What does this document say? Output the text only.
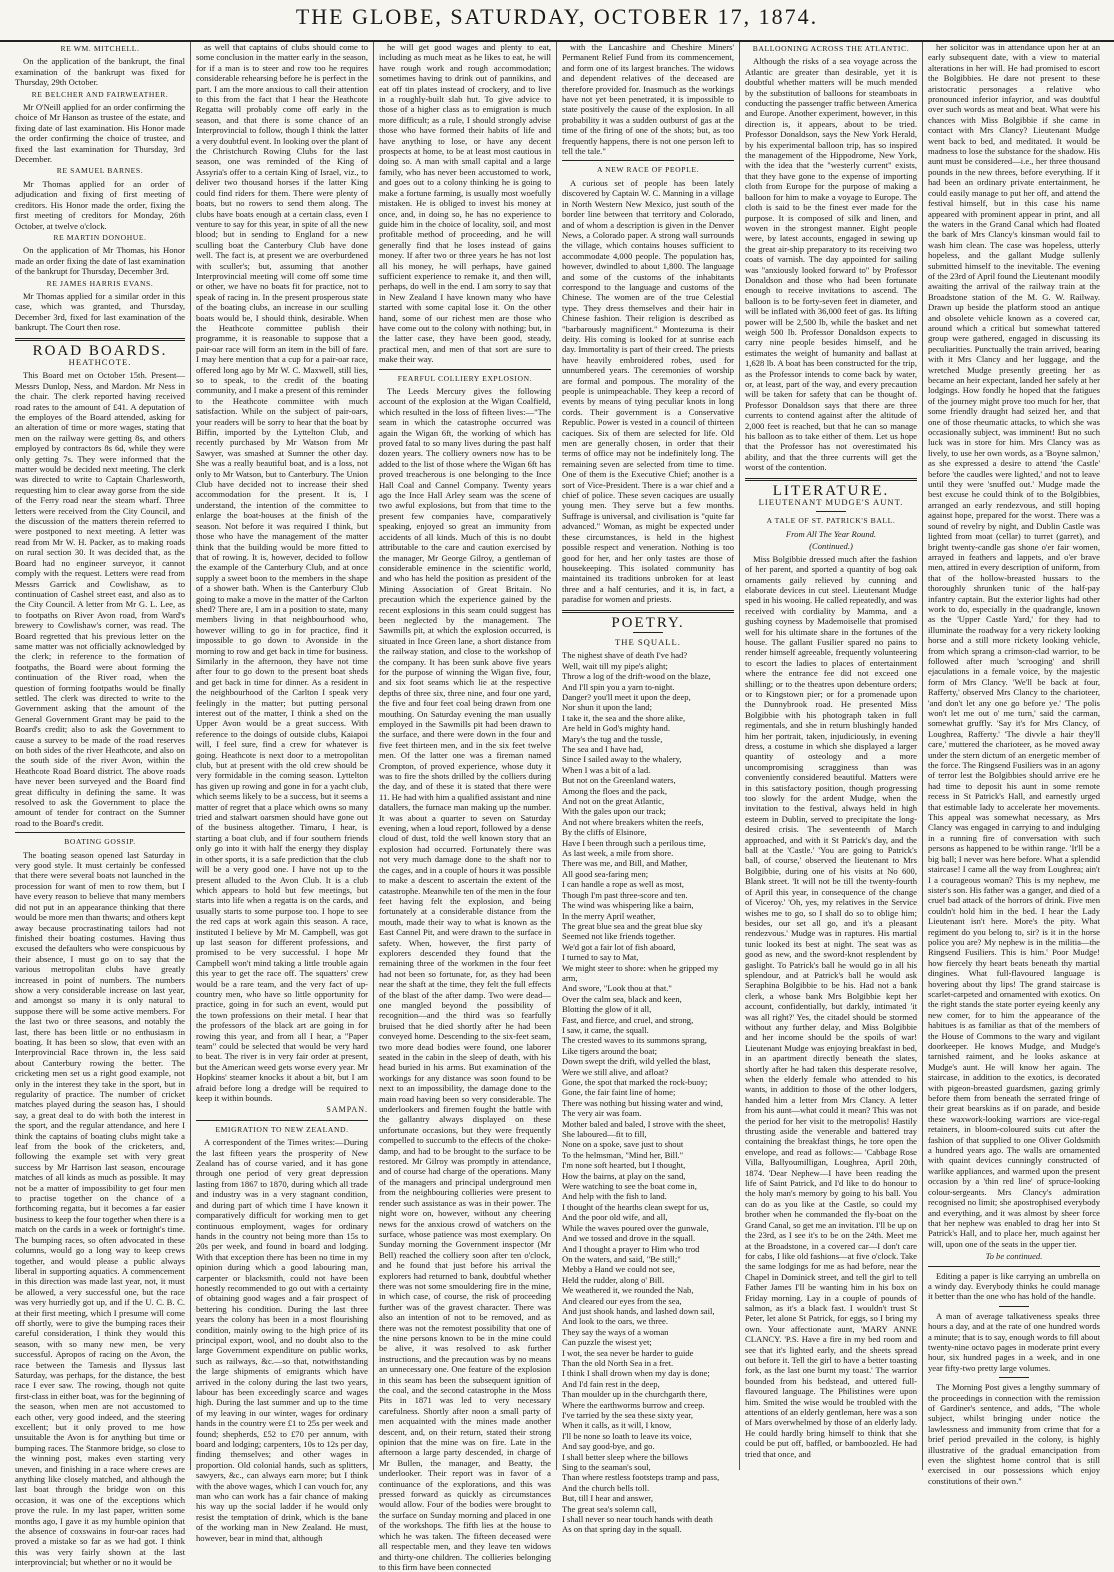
THE GLOBE, SATURDAY, OCTOBER 17, 1874.

RE WM. MITCHELL.

On the application of the bankrupt, the final examination of the bankrupt was fixed for Thursday, 29th October.

RE BELCHER AND FAIRWEATHER.

Mr O'Neill applied for an order confirming the choice of Mr Hanson as trustee of the estate, and fixing date of last examination. His Honor made the order confirming the choice of trustee, and fixed the last examination for Thursday, 3rd December.

RE SAMUEL BARNES.

Mr Thomas applied for an order of adjudication and fixing of first meeting of creditors. His Honor made the order, fixing the first meeting of creditors for Monday, 26th October, at twelve o'clock.

RE MARTIN DONOHUE.

On the application of Mr Thomas, his Honor made an order fixing the date of last examination of the bankrupt for Thursday, December 3rd.

RE JAMES HARRIS EVANS.

Mr Thomas applied for a similar order in this case, which was granted, and Thursday, December 3rd, fixed for last examination of the bankrupt. The Court then rose.

ROAD BOARDS.

HEATHCOTE.

This Board met on October 15th. Present—Messrs Dunlop, Ness, and Mardon. Mr Ness in the chair. The clerk reported having received road rates to the amount of £41. A deputation of the employes of the Board attended, asking for an alteration of time or more wages, stating that men on the railway were getting 8s, and others employed by contractors 8s 6d, while they were only getting 7s. They were informed that the matter would be decided next meeting. The clerk was directed to write to Captain Charlesworth, requesting him to clear away gorse from the side of the Ferry road near the steam wharf. Three letters were received from the City Council, and the discussion of the matters therein referred to were postponed to next meeting. A letter was read from Mr W. H. Packer, as to making roads on rural section 30. It was decided that, as the Board had no engineer surveyor, it cannot comply with the request. Letters were read from Messrs Garrick and Cowlishaw, as to continuation of Cashel street east, and also as to the City Council. A letter from Mr G. L. Lee, as to footpaths on River Avon road, from Ward's brewery to Cowlishaw's corner, was read. The Board regretted that his previous letter on the same matter was not officially acknowledged by the clerk; in reference to the formation of footpaths, the Board were about forming the continuation of the River road, when the question of forming footpaths would be finally settled. The clerk was directed to write to the Government asking that the amount of the General Government Grant may be paid to the Board's credit; also to ask the Government to cause a survey to be made of the road reserves on both sides of the river Heathcote, and also on the south side of the river Avon, within the Heathcote Road Board district. The above roads have never been surveyed and the Board find great difficulty in defining the same. It was resolved to ask the Government to place the amount of tender for contract on the Sumner road to the Board's credit.

BOATING GOSSIP.

The boating season opened last Saturday in very good style. It must certainly be confessed that there were several boats not launched in the procession for want of men to row them, but I have every reason to believe that many members did not put in an appearance thinking that there would be more men than thwarts; and others kept away because procrastinating tailors had not finished their boating costumes. Having thus excused the defaulters who were conspicuous by their absence, I must go on to say that the various metropolitan clubs have greatly increased in point of numbers. The numbers show a very considerable increase on last year, and amongst so many it is only natural to suppose there will be some active members. For the last two or three seasons, and notably the last, there has been little or no enthusiasm in boating. It has been so slow, that even with an Interprovincial Race thrown in, the less said about Canterbury rowing the better. The cricketing men set us a right good example, not only in the interest they take in the sport, but in regularity of practice. The number of cricket matches played during the season has, I should say, a great deal to do with both the interest in the sport, and the regular attendance, and here I think the captains of boating clubs might take a leaf from the book of the cricketers, and, following the example set with very great success by Mr Harrison last season, encourage matches of all kinds as much as possible. It may not be a matter of impossibility to get four men to practise together on the chance of a forthcoming regatta, but it becomes a far easier business to keep the four together when there is a match on the cards in a week or fortnight's time. The bumping races, so often advocated in these columns, would go a long way to keep crews together, and would please a public always liberal in supporting aquatics. A commencement in this direction was made last year, not, it must be allowed, a very successful one, but the race was very hurriedly got up, and if the U. C. B. C. at their first meeting, which I presume will come off shortly, were to give the bumping races their careful consideration, I think they would this season, with so many new men, be very successful. Apropos of racing on the Avon, the race between the Tamesis and Ilyssus last Saturday, was perhaps, for the distance, the best race I ever saw. The rowing, though not quite first-class in either boat, was for the beginning of the season, when men are not accustomed to each other, very good indeed, and the steering excellent; but it only proved to me how unsuitable the Avon is for anything but time or bumping races. The Stanmore bridge, so close to the winning post, makes even starting very uneven, and finishing in a race where crews are anything like closely matched, and although the last boat through the bridge won on this occasion, it was one of the exceptions which prove the rule. In my last paper, written some months ago, I gave it as my humble opinion that the absence of coxswains in four-oar races had proved a mistake so far as we had got. I think this was very fairly shown at the last interprovincial; but whether or no it would be

as well that captains of clubs should come to some conclusion in the matter early in the season, for if a man is to steer and row too he requires considerable rehearsing before he is perfect in the part. I am the more anxious to call their attention to this from the fact that I hear the Heathcote Regatta will probably come off early in the season, and that there is some chance of an Interprovincial to follow, though I think the latter a very doubtful event. In looking over the plant of the Christchurch Rowing Clubs for the last season, one was reminded of the King of Assyria's offer to a certain King of Israel, viz., to deliver two thousand horses if the latter King could find riders for them. There were plenty of boats, but no rowers to send them along. The clubs have boats enough at a certain class, even I venture to say for this year, in spite of all the new blood; but in sending to England for a new sculling boat the Canterbury Club have done well. The fact is, at present we are overburdened with sculler's; but, assuming that another Interprovincial meeting will come off some time or other, we have no boats fit for practice, not to speak of racing in. In the present prosperous state of the boating clubs, an increase in our sculling boats would be, I should think, desirable. When the Heathcote committee publish their programme, it is reasonable to suppose that a pair-oar race will form an item in the bill of fare. I may here mention that a cup for a pair-oar race, offered long ago by Mr W. C. Maxwell, still lies, so to speak, to the credit of the boating community, and I make a present of this reminder to the Heathcote committee with much satisfaction. While on the subject of pair-oars, your readers will be sorry to hear that the boat by Biffin, imported by the Lyttelton Club, and recently purchased by Mr Watson from Mr Sawyer, was smashed at Sumner the other day. She was a really beautiful boat, and is a loss, not only to Mr Watson, but to Canterbury. The Union Club have decided not to increase their shed accommodation for the present. It is, I understand, the intention of the committee to enlarge the boat-houses at the finish of the season. Not before it was required I think, but those who have the management of the matter think that the building would be more fitted to that of rowing. It is, however, decided to follow the example of the Canterbury Club, and at once supply a sweet boon to the members in the shape of a shower bath. When is the Canterbury Club going to make a move in the matter of the Carlton shed? There are, I am in a position to state, many members living in that neighbourhood who, however willing to go in for practice, find it impossible to go down to Avonside in the morning to row and get back in time for business. Similarly in the afternoon, they have not time after four to go down to the present boat sheds and get back in time for dinner. As a resident in the neighbourhood of the Carlton I speak very feelingly in the matter; but putting personal interest out of the matter, I think a shed on the Upper Avon would be a great success. With reference to the doings of outside clubs, Kaiapoi will, I feel sure, find a crew for whatever is going. Heathcote is next door to a metropolitan club, but at present with the old crew should be very formidable in the coming season. Lyttelton has given up rowing and gone in for a yacht club, which seems likely to be a success, but it seems a matter of regret that a place which owns so many tried and stalwart oarsmen should have gone out of the business altogether. Timaru, I hear, is starting a boat club, and if four southern friends only go into it with half the energy they display in other sports, it is a safe prediction that the club will be a very good one. I have not up to the present alluded to the Avon Club. It is a club which appears to hold but few meetings, but starts into life when a regatta is on the cards, and usually starts to some purpose too. I hope to see the red caps at work again this season. A race, instituted I believe by Mr M. Campbell, was got up last season for different professions, and promised to be very successful. I hope Mr Campbell won't mind taking a little trouble again this year to get the race off. The squatters' crew would be a rare team, and the very fact of up-country men, who have so little opportunity for practice, going in for such an event, would put the town professions on their metal. I hear that the professors of the black art are going in for rowing this year, and from all I hear, a "Paper team" could be selected that would be very hard to beat. The river is in very fair order at present, but the American weed gets worse every year. Mr Hopkins' steamer knocks it about a bit, but I am afraid before long a dredge will be required to keep it within bounds.

SAMPAN.

EMIGRATION TO NEW ZEALAND.

A correspondent of the Times writes:—During the last fifteen years the prosperity of New Zealand has of course varied, and it has gone through one period of very great depression lasting from 1867 to 1870, during which all trade and industry was in a very stagnant condition, and during part of which time I have known it comparatively difficult for working men to get continuous employment, wages for ordinary hands in the country not being more than 15s to 20s per week, and found in board and lodging. With that exception there has been no time in my opinion during which a good labouring man, carpenter or blacksmith, could not have been honestly recommended to go out with a certainty of obtaining good wages and a fair prospect of bettering his condition. During the last three years the colony has been in a most flourishing condition, mainly owing to the high price of its principal export, wool, and no doubt also to the large Government expenditure on public works, such as railways, &c.—so that, notwithstanding the large shipments of emigrants which have arrived in the colony during the last two years, labour has been exceedingly scarce and wages high. During the last summer and up to the time of my leaving in our winter, wages for ordinary hands in the country were £1 to 25s per week and found; shepherds, £52 to £70 per annum, with board and lodging; carpenters, 10s to 12s per day, finding themselves; and other wages in proportion. Old colonial hands, such as splitters, sawyers, &c., can always earn more; but I think with the above wages, which I can vouch for, any man who can work has a fair chance of making his way up the social ladder if he would only resist the temptation of drink, which is the bane of the working man in New Zealand. He must, however, bear in mind that, although

he will get good wages and plenty to eat, including as much meat as he likes to eat, he will have rough work and rough accommodation; sometimes having to drink out of pannikins, and eat off tin plates instead of crockery, and to live in a roughly-built slab hut. To give advice to those of a higher class as to emigration is much more difficult; as a rule, I should strongly advise those who have formed their habits of life and have anything to lose, or have any decent prospects at home, to be at least most cautious in doing so. A man with small capital and a large family, who has never been accustomed to work, and goes out to a colony thinking he is going to make a fortune farming, is usually most woefully mistaken. He is obliged to invest his money at once, and, in doing so, he has no experience to guide him in the choice of locality, soil, and most profitable method of proceeding, and he will generally find that he loses instead of gains money. If after two or three years he has not lost all his money, he will perhaps, have gained sufficient experience to remake it, and then will, perhaps, do well in the end. I am sorry to say that in New Zealand I have known many who have started with some capital lose it. On the other hand, some of our richest men are those who have come out to the colony with nothing; but, in the latter case, they have been good, steady, practical men, and men of that sort are sure to make their way.

FEARFUL COLLIERY EXPLOSION.

The Leeds Mercury gives the following account of the explosion at the Wigan Coalfield, which resulted in the loss of fifteen lives:—"The seam in which the catastrophe occurred was again the Wigan 6ft, the working of which has proved fatal to so many lives during the past half dozen years. The colliery owners now has to be added to the list of those where the Wigan 6ft has proved treacherous is one belonging to the Ince Hall Coal and Cannel Company. Twenty years ago the Ince Hall Arley seam was the scene of two awful explosions, but from that time to the present few companies have, comparatively speaking, enjoyed so great an immunity from accidents of all kinds. Much of this is no doubt attributable to the care and caution exercised by the manager, Mr George Gilroy, a gentleman of considerable eminence in the scientific world, and who has held the position as president of the Mining Association of Great Britain. No precaution which the experience gained by the recent explosions in this seam could suggest has been neglected by the management. The Sawmills pit, at which the explosion occurred, is situated in Ince Green lane, a short distance from the railway station, and close to the workshop of the company. It has been sunk above five years for the purpose of winning the Wigan five, four, and six foot seams which lie at the respective depths of three six, three nine, and four one yard, the five and four feet coal being drawn from one mouthing. On Saturday evening the man usually employed in the Sawmills pit had been drawn to the surface, and there were down in the four and five feet thirteen men, and in the six feet twelve men. Of the latter one was a fireman named Crompton, of proved experience, whose duty it was to fire the shots drilled by the colliers during the day, and of these it is stated that there were 11. He had with him a qualified assistant and nine datallers, the furnace man making up the number. It was about a quarter to seven on Saturday evening, when a loud report, followed by a dense cloud of dust, told the well known story that an explosion had occurred. Fortunately there was not very much damage done to the shaft nor to the cages, and in a couple of hours it was possible to make a descent to ascertain the extent of the catastrophe. Meanwhile ten of the men in the four feet having felt the explosion, and being fortunately at a considerable distance from the mouth, made their way to what is known as the East Cannel Pit, and were drawn to the surface in safety. When, however, the first party of explorers descended they found that the remaining three of the workmen in the four feet had not been so fortunate, for, as they had been near the shaft at the time, they felt the full effects of the blast of the after damp. Two were dead—one mangled beyond the possibility of recognition—and the third was so fearfully bruised that he died shortly after he had been conveyed home. Descending to the six-feet seam, two more dead bodies were found, one laborer seated in the cabin in the sleep of death, with his head buried in his arms. But examination of the workings for any distance was soon found to be next to an impossibility, the damage done to the main road having been so very considerable. The underlookers and firemen fought the battle with the gallantry always displayed on these unfortunate occasions, but they were frequently compelled to succumb to the effects of the choke-damp, and had to be brought to the surface to be restored. Mr Gilroy was promptly in attendance, and of course had charge of the operations. Many of the managers and principal underground men from the neighbouring collieries were present to render such assistance as was in their power. The night wore on, however, without any cheering news for the anxious crowd of watchers on the surface, whose patience was most exemplary. On Sunday morning the Government inspector (Mr Bell) reached the colliery soon after ten o'clock, and he found that just before his arrival the explorers had returned to bank, doubtful whether there was not some smouldering fire in the mine, in which case, of course, the risk of proceeding further was of the gravest character. There was also an intention of not to be removed, and as there was not the remotest possibility that one of the nine persons known to be in the mine could be alive, it was resolved to ask further instructions, and the precaution was by no means an unnecessary one. One feature of the explosion in this seam has been the subsequent ignition of the coal, and the second catastrophe in the Moss Pits in 1871 was led to very necessary carefulness. Shortly after noon a small party of men acquainted with the mines made another descent, and, on their return, stated their strong opinion that the mine was on fire. Late in the afternoon a large party descended, in charge of Mr Bullen, the manager, and Beatty, the underlooker. Their report was in favor of a continuance of the explorations, and this was pressed forward as quickly as circumstances would allow. Four of the bodies were brought to the surface on Sunday morning and placed in one of the workshops. The fifth lies at the house to which he was taken. The fifteen deceased were all respectable men, and they leave ten widows and thirty-one children. The collieries belonging to this firm have been connected

with the Lancashire and Cheshire Miners' Permanent Relief Fund from its commencement, and form one of its largest branches. The widows and dependent relatives of the deceased are therefore provided for. Inasmuch as the workings have not yet been penetrated, it is impossible to state positively the cause of the explosion. In all probability it was a sudden outburst of gas at the time of the firing of one of the shots; but, as too frequently happens, there is not one person left to tell the tale."

A NEW RACE OF PEOPLE.

A curious set of people has been lately discovered by Captain W. C. Manning in a village in North Western New Mexico, just south of the border line between that territory and Colorado, and of whom a description is given in the Denver News, a Colorado paper. A strong wall surrounds the village, which contains houses sufficient to accommodate 4,000 people. The population has, however, dwindled to about 1,800. The language and some of the customs of the inhabitants correspond to the language and customs of the Chinese. The women are of the true Celestial type. They dress themselves and their hair in Chinese fashion. Their religion is described as "barbarously magnificent." Montezuma is their deity. His coming is looked for at sunrise each day. Immortality is part of their creed. The priests have heavily embroidered robes, used for unnumbered years. The ceremonies of worship are formal and pompous. The morality of the people is unimpeachable. They keep a record of events by means of tying peculiar knots in long cords. Their government is a Conservative Republic. Power is vested in a council of thirteen caciques. Six of them are selected for life. Old men are generally chosen, in order that their terms of office may not be indefinitely long. The remaining seven are selected from time to time. One of them is the Executive Chief; another is a sort of Vice-President. There is a war chief and a chief of police. These seven caciques are usually young men. They serve but a few months. Suffrage is universal, and civilisation is "quite far advanced." Woman, as might be expected under these circumstances, is held in the highest possible respect and veneration. Nothing is too good for her, and her only tastes are those of housekeeping. This isolated community has maintained its traditions unbroken for at least three and a half centuries, and it is, in fact, a paradise for women and priests.

POETRY.

THE SQUALL.

The nighest shave of death I've had?

Well, wait till my pipe's alight;

Throw a log of the drift-wood on the blaze,

And I'll spin you a yarn to-night.

Danger? you'll meet it upon the deep,

Nor shun it upon the land;

I take it, the sea and the shore alike,

Are held in God's mighty hand.

Mary's the tug and the tussle,

The sea and I have had,

Since I sailed away to the whalery,

When I was a bit of a lad.

But not on the Greenland waters,

Among the floes and the pack,

And not on the great Atlantic,

With the gales upon our track;

And not where breakers whiten the reefs,

By the cliffs of Elsinore,

Have I been through such a perilous time,

As last week, a mile from shore.

There was me, and Bill, and Mather,

All good sea-faring men;

I can handle a rope as well as most,

Though I'm past three-score and ten.

The wind was whispering like a bairn,

In the merry April weather,

The great blue sea and the great blue sky

Seemed not like friends together.

We'd got a fair lot of fish aboard,

I turned to say to Mat,

We might steer to shore: when he gripped my arm,

And swore, "Look thou at that."

Over the calm sea, black and keen,

Blotting the glow of it all,

Fast, and fierce, and cruel, and strong,

I saw, it came, the squall.

The crested waves to its summons sprang,

Like tigers around the boat;

Down swept the drift, wild yelled the blast,

Were we still alive, and afloat?

Gone, the spot that marked the rock-buoy;

Gone, the fair faint line of home;

There was nothing but hissing water and wind,

The very air was foam.

Mother baled and baled, I strove with the sheet,

She laboured—fit to fill,

None on a spoke, save just to shout

To the helmsman, "Mind her, Bill."

I'm none soft hearted, but I thought,

How the bairns, at play on the sand,

Were watching to see the boat come in,

And help with the fish to land.

I thought of the hearths clean swept for us,

And the poor old wife, and all,

While the waves poured over the gunwale,

And we tossed and drove in the squall.

And I thought a prayer to Him who trod

On the waters, and said, "Be still;"

Mebby a Hand we could not see,

Held the rudder, along o' Bill.

We weathered it, we rounded the Nab,

And cleared our eyes from the sea,

And just shook hands, and lashed down sail,

And look to the oars, we three.

They say the ways of a woman

Can puzzle the wisest yet;

I wot, the sea never be harder to guide

Than the old North Sea in a fret.

I think I shall drown when my day is done;

And I'd fain rest in the deep,

Than moulder up in the churchgarth there,

Where the earthworms burrow and creep.

I've tarried by the sea these sixty year,

When it calls, as it will, I know,

I'll be none so loath to leave its voice,

And say good-bye, and go.

I shall better sleep where the billows

Sing to the seaman's soul,

Than where restless footsteps tramp and pass,

And the church bells toll.

But, till I hear and answer,

The great sea's solemn call,

I shall never so near touch hands with death

As on that spring day in the squall.

BALLOONING ACROSS THE ATLANTIC.

Although the risks of a sea voyage across the Atlantic are greater than desirable, yet it is doubtful whether matters will be much mended by the substitution of balloons for steamboats in conducting the passenger traffic between America and Europe. Another experiment, however, in this direction is, it appears, about to be tried. Professor Donaldson, says the New York Herald, by his experimental balloon trip, has so inspired the management of the Hippodrome, New York, with the idea that the "westerly current" exists, that they have gone to the expense of importing cloth from Europe for the purpose of making a balloon for him to make a voyage to Europe. The cloth is said to be the finest ever made for the purpose. It is composed of silk and linen, and woven in the strongest manner. Eight people were, by latest accounts, engaged in sewing up the great air-ship preparatory to its receiving two coats of varnish. The day appointed for sailing was "anxiously looked forward to" by Professor Donaldson and those who had been fortunate enough to receive invitations to ascend. The balloon is to be forty-seven feet in diameter, and will be inflated with 36,000 feet of gas. Its lifting power will be 2,500 lb, while the basket and net weigh 500 lb. Professor Donaldson expects to carry nine people besides himself, and he estimates the weight of humanity and ballast at 1,628 lb. A boat has been constructed for the trip, as the Professor intends to come back by water, or, at least, part of the way, and every precaution will be taken for safety that can be thought of. Professor Donaldson says that there are three currents to contend against after the altitude of 2,000 feet is reached, but that he can so manage his balloon as to take either of them. Let us hope that the Professor has not overestimated his ability, and that the three currents will get the worst of the contention.

LITERATURE.

LIEUTENANT MUDGE'S AUNT.

A TALE OF ST. PATRICK'S BALL.

From All The Year Round.

(Continued.)

Miss Bolgibbie dressed much after the fashion of her parent, and sported a quantity of bog oak ornaments gaily relieved by cunning and elaborate devices in cut steel. Lieutenant Mudge sped in his wooing. He called repeatedly, and was received with cordiality by Mamma, and a gushing coyness by Mademoiselle that promised well for his ultimate share in the fortunes of the house. The gallant Fusilier spared no pains to render himself agreeable, frequently volunteering to escort the ladies to places of entertainment where the entrance fee did not exceed one shilling; or to the theatres upon debenture orders; or to Kingstown pier; or for a promenade upon the Dunnybrook road. He presented Miss Bolgibbie with his photograph taken in full regimentals, and she in return blushingly handed him her portrait, taken, injudiciously, in evening dress, a costume in which she displayed a larger quantity of osteology and a more uncompromising scragginess than was conveniently considered beautiful. Matters were in this satisfactory position, though progressing too slowly for the ardent Mudge, when the invitation to the festival, always held in high esteem in Dublin, served to precipitate the long-desired crisis. The seventeenth of March approached, and with it St Patrick's day, and the ball at the 'Castle.' 'You are going to Patrick's ball, of course,' observed the lieutenant to Mrs Bolgibbie, during one of his visits at No 600, Blank street. 'It will not be till the twenty-fourth of April this year, in consequence of the change of Viceroy.' 'Oh, yes, my relatives in the Service wishes me to go, so I shall do so to oblige him; besides, our set all go, and it's a pleasant rendezvous.' Mudge was in raptures. His martial tunic looked its best at night. The seat was as good as new, and the sword-knot resplendent by gaslight. To Patrick's ball he would go in all his splendour, and at Patrick's ball he would ask Seraphina Bolgibbie to be his. Had not a bank clerk, a whose bank Mrs Bolgibbie kept her account, confidentially, but darkly, intimated 'it was all right?' Yes, the citadel should be stormed without any further delay, and Miss Bolgibbie and her income should be the spoils of war! Lieutenant Mudge was enjoying breakfast in bed, in an apartment directly beneath the slates, shortly after he had taken this desperate resolve, when the elderly female who attended to his wants, in addition to those of the other lodgers, handed him a letter from Mrs Clancy. A letter from his aunt—what could it mean? This was not the period for her visit to the metropolis! Hastily thrusting aside the venerable and battered tray containing the breakfast things, he tore open the envelope, and read as follows:— 'Cabbage Rose Villa, Ballyoumilligan, Loughrea, April 20th, 1874. 'Dear Nephew—I have been reading the life of Saint Patrick, and I'd like to do honour to the holy man's memory by going to his ball. You can do as you like at the Castle, so could my brother when he commanded the fly-boat on the Grand Canal, so get me an invitation. I'll be up on the 23rd, as I see it's to be on the 24th. Meet me at the Broadstone, in a covered car—I don't care for cabs, I like old fashions—at five o'clock. Take the same lodgings for me as had before, near the Chapel in Dominick street, and tell the girl to tell Father James I'll be wanting him in his box on Friday morning. Lay in a couple of pounds of salmon, as it's a black fast. I wouldn't trust St Peter, let alone St Patrick, for eggs, so I bring my own. Your affectionate aunt, 'MARY ANNE CLANCY. 'P.S. Have a fire in my bed room and see that it's lighted early, and the sheets spread out before it. Tell the girl to have a better toasting fork, as the last one burnt my toast.' The warrior bounded from his bedstead, and uttered full-flavoured language. The Philistines were upon him. Smited the wise would be troubled with the attentions of an elderly gentleman, here was a son of Mars overwhelmed by those of an elderly lady. He could hardly bring himself to think that she could be put off, baffled, or bamboozled. He had tried that once, and

her solicitor was in attendance upon her at an early subsequent date, with a view to material alterations in her will. He had promised to escort the Bolgibbies. He dare not present to these aristocratic personages a relative who pronounced inferior infayrior, and was doubtful over such words as meat and beat. What were his chances with Miss Bolgibbie if she came in contact with Mrs Clancy? Lieutenant Mudge went back to bed, and meditated. It would be madness to lose the substance for the shadow. His aunt must be considered—i.e., her three thousand pounds in the new threes, before everything. If it had been an ordinary private entertainment, he could easily manage to put her off, and attend the festival himself, but in this case his name appeared with prominent appear in print, and all the waters in the Grand Canal which had floated the bark of Mrs Clancy's kinsman would fail to wash him clean. The case was hopeless, utterly hopeless, and the gallant Mudge sullenly submitted himself to the inevitable. The evening of the 23rd of April found the Lieutenant moodily awaiting the arrival of the railway train at the Broadstone station of the M. G. W. Railway. Drawn up beside the platform stood an antique and obsolete vehicle known as a covered car, around which a critical but somewhat tattered group were gathered, engaged in discussing its peculiarities. Punctually the train arrived, bearing with it Mrs Clancy and her luggage, and the wretched Mudge presently greeting her as became an heir expectant, landed her safely at her lodgings. How fondly he hoped that the fatigues of the journey might prove too much for her, that some friendly draught had seized her, and that one of those rheumatic attacks, to which she was occasionally subject, was imminent! But no such luck was in store for him. Mrs Clancy was as lively, to use her own words, as a 'Boyne salmon,' as she expressed a desire to attend 'the Castle' before 'the caudles were lighted,' and not to leave until they were 'snuffed out.' Mudge made the best excuse he could think of to the Bolgibbies, arranged an early rendezvous, and still hoping against hope, prepared for the worst. There was a sound of revelry by night, and Dublin Castle was lighted from moat (cellar) to turret (garret), and bright twenty-candle gas shone o'er fair women, arrayed in feathers and lappets, and o'er brave men, attired in every description of uniform, from that of the hollow-breasted hussars to the thoroughly shrunken tunic of the half-pay infantry captain. But the exterior lights had other work to do, especially in the quadrangle, known as the 'Upper Castle Yard,' for they had to illuminate the roadway for a very rickety looking horse and a still more rickety looking vehicle, from which sprang a crimson-clad warrior, to be followed after much 'scrooging' and shrill ejaculations in a female voice, by the majestic form of Mrs Clancy. 'We'll be back at four, Rafferty,' observed Mrs Clancy to the charioteer, 'and don't let any one go before ye.' 'The polis won't let me out o' me turn,' said the carman, somewhat gruffly. 'Say it's for Mrs Clancy, of Loughrea, Rafferty.' 'The divvle a hair they'll care,' muttered the charioteer, as he moved away under the stern dictum of an energetic member of the force. The Ringsend Fusiliers was in an agony of terror lest the Bolgibbies should arrive ere he had time to deposit his aunt in some remote recess in St Patrick's Hall, and earnestly urged that estimable lady to accelerate her movements. This appeal was somewhat necessary, as Mrs Clancy was engaged in carrying to and indulging in a running fire of conversation with such persons as happened to be within range. 'It'll be a big ball; I never was here before. What a splendid staircase! I came all the way from Loughrea; ain't I a courageous woman? This is my nephew, me sister's son. His father was a ganger, and died of a cruel bad attack of the horrors of drink. Five men couldn't hold him in the bed. I hear the Lady Lieutenant isn't here. More's the pity. What regiment do you belong to, sir? is it in the horse police you are? My nephew is in the militia—the Ringsend Fusiliers. This is him.' Poor Mudge! how fiercely thy heart beats beneath thy martial dingines. What full-flavoured language is hovering about thy lips! The grand staircase is scarlet-carpeted and ornamented with exotics. On the right stands the state porter eyeing keenly any new comer, for to him the appearance of the habitues is as familiar as that of the members of the House of Commons to the wary and vigilant doorkeeper. He knows Mudge, and Mudge's tarnished raiment, and he looks askance at Mudge's aunt. He will know her again. The staircase, in addition to the exotics, is decorated with pigeon-breasted guardsmen, gazing grimly before them from beneath the serrated fringe of their great bearskins as if on parade, and beside these waxwork-looking warriors are vice-regal retainers, in bloom-coloured suits cut after the fashion of that supplied to one Oliver Goldsmith a hundred years ago. The walls are ornamented with quaint devices cunningly constructed of warlike appliances, and warmed upon the present occasion by a 'thin red line' of spruce-looking colour-sergeants. Mrs Clancy's admiration recognised no limit; she apostrophised everybody and everything, and it was almost by sheer force that her nephew was enabled to drag her into St Patrick's Hall, and to place her, much against her will, upon one of the seats in the upper tier.

To be continued.

Editing a paper is like carrying an umbrella on a windy day. Everybody thinks he could manage it better than the one who has hold of the handle.

A man of average talkativeness speaks three hours a day, and at the rate of one hundred words a minute; that is to say, enough words to fill about twenty-nine octavo pages in moderate print every hour, six hundred pages in a week, and in one year fifty-two pretty large volumes.

The Morning Post gives a lengthy summary of the proceedings in connection with the remission of Gardiner's sentence, and adds, "The whole subject, whilst bringing under notice the lawlessness and immunity from crime that for a brief period prevailed in the colony, is highly illustrative of the gradual emancipation from even the slightest home control that is still exercised in our possessions which enjoy constitutions of their own."
